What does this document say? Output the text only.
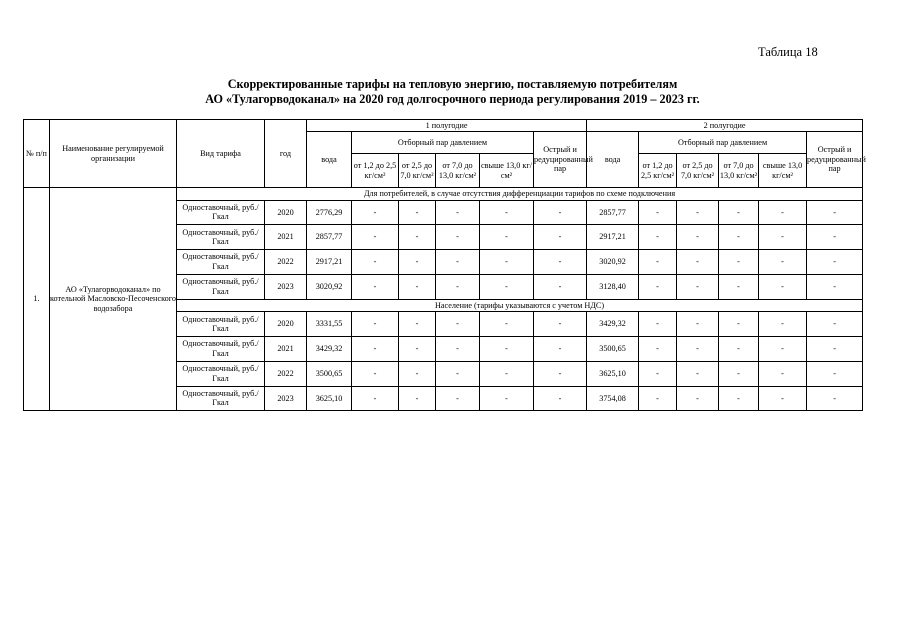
Таблица 18
Скорректированные тарифы на тепловую энергию, поставляемую потребителям
АО «Тулагорводоканал» на 2020 год долгосрочного периода регулирования 2019 – 2023 гг.
№ п/п	Наименование регулируемой организации	Вид тарифа	год	1 полугодие						2 полугодие					
				вода	Отборный пар давлением				Острый и редуцированный пар	вода	Отборный пар давлением				Острый и редуцированный пар
					от 1,2 до 2,5 кг/см²	от 2,5 до 7,0 кг/см²	от 7,0 до 13,0 кг/см²	свыше 13,0 кг/см²			от 1,2 до 2,5 кг/см²	от 2,5 до 7,0 кг/см²	от 7,0 до 13,0 кг/см²	свыше 13,0 кг/см²	
1.	АО «Тулагорводоканал» по котельной Масловско-Песоченского водозабора	Для потребителей, в случае отсутствия дифференциации тарифов по схеме подключения													
		Одноставочный, руб./Гкал	2020	2776,29	-	-	-	-	-	2857,77	-	-	-	-	-
		Одноставочный, руб./Гкал	2021	2857,77	-	-	-	-	-	2917,21	-	-	-	-	-
		Одноставочный, руб./Гкал	2022	2917,21	-	-	-	-	-	3020,92	-	-	-	-	-
		Одноставочный, руб./Гкал	2023	3020,92	-	-	-	-	-	3128,40	-	-	-	-	-
		Население (тарифы указываются с учетом НДС)													
		Одноставочный, руб./Гкал	2020	3331,55	-	-	-	-	-	3429,32	-	-	-	-	-
		Одноставочный, руб./Гкал	2021	3429,32	-	-	-	-	-	3500,65	-	-	-	-	-
		Одноставочный, руб./Гкал	2022	3500,65	-	-	-	-	-	3625,10	-	-	-	-	-
		Одноставочный, руб./Гкал	2023	3625,10	-	-	-	-	-	3754,08	-	-	-	-	-
